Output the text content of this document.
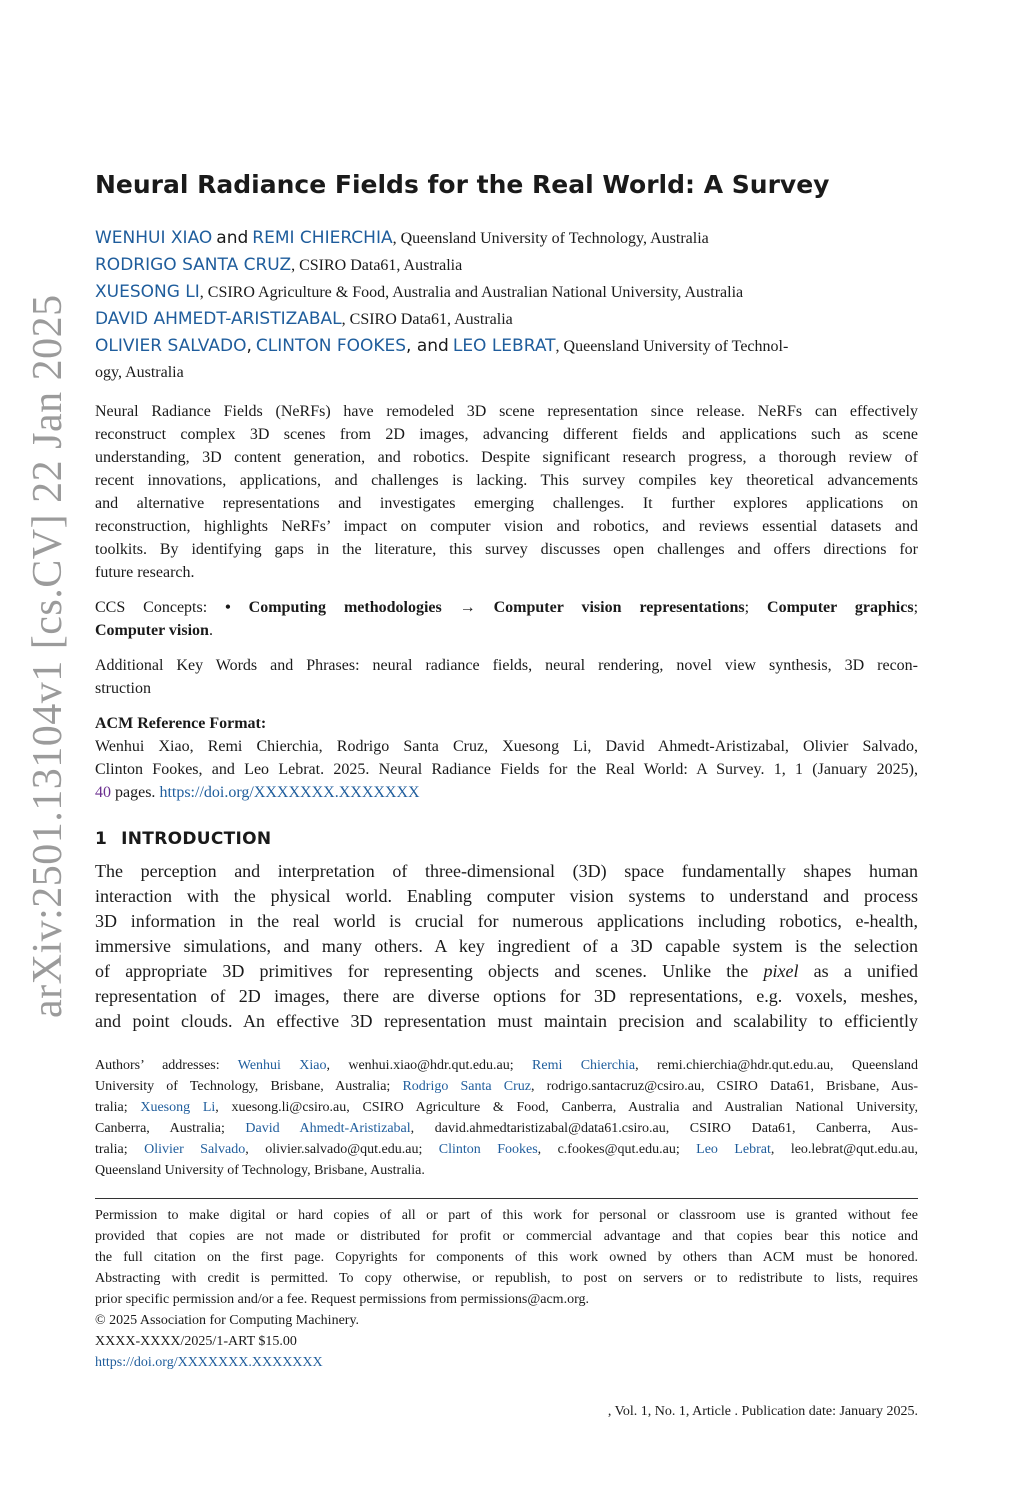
arXiv:2501.13104v1 [cs.CV] 22 Jan 2025
Neural Radiance Fields for the Real World: A Survey
WENHUI XIAO and REMI CHIERCHIA, Queensland University of Technology, Australia
RODRIGO SANTA CRUZ, CSIRO Data61, Australia
XUESONG LI, CSIRO Agriculture & Food, Australia and Australian National University, Australia
DAVID AHMEDT-ARISTIZABAL, CSIRO Data61, Australia
OLIVIER SALVADO, CLINTON FOOKES, and LEO LEBRAT, Queensland University of Technol-
ogy, Australia
Neural Radiance Fields (NeRFs) have remodeled 3D scene representation since release. NeRFs can effectively
reconstruct complex 3D scenes from 2D images, advancing different fields and applications such as scene
understanding, 3D content generation, and robotics. Despite significant research progress, a thorough review of
recent innovations, applications, and challenges is lacking. This survey compiles key theoretical advancements
and alternative representations and investigates emerging challenges. It further explores applications on
reconstruction, highlights NeRFs’ impact on computer vision and robotics, and reviews essential datasets and
toolkits. By identifying gaps in the literature, this survey discusses open challenges and offers directions for
future research.
CCS Concepts: • Computing methodologies → Computer vision representations; Computer graphics;
Computer vision.
Additional Key Words and Phrases: neural radiance fields, neural rendering, novel view synthesis, 3D recon-
struction
ACM Reference Format:
Wenhui Xiao, Remi Chierchia, Rodrigo Santa Cruz, Xuesong Li, David Ahmedt-Aristizabal, Olivier Salvado,
Clinton Fookes, and Leo Lebrat. 2025. Neural Radiance Fields for the Real World: A Survey. 1, 1 (January 2025),
40 pages. https://doi.org/XXXXXXX.XXXXXXX
1 INTRODUCTION
The perception and interpretation of three-dimensional (3D) space fundamentally shapes human
interaction with the physical world. Enabling computer vision systems to understand and process
3D information in the real world is crucial for numerous applications including robotics, e-health,
immersive simulations, and many others. A key ingredient of a 3D capable system is the selection
of appropriate 3D primitives for representing objects and scenes. Unlike the pixel as a unified
representation of 2D images, there are diverse options for 3D representations, e.g. voxels, meshes,
and point clouds. An effective 3D representation must maintain precision and scalability to efficiently
Authors’ addresses: Wenhui Xiao, wenhui.xiao@hdr.qut.edu.au; Remi Chierchia, remi.chierchia@hdr.qut.edu.au, Queensland
University of Technology, Brisbane, Australia; Rodrigo Santa Cruz, rodrigo.santacruz@csiro.au, CSIRO Data61, Brisbane, Aus-
tralia; Xuesong Li, xuesong.li@csiro.au, CSIRO Agriculture & Food, Canberra, Australia and Australian National University,
Canberra, Australia; David Ahmedt-Aristizabal, david.ahmedtaristizabal@data61.csiro.au, CSIRO Data61, Canberra, Aus-
tralia; Olivier Salvado, olivier.salvado@qut.edu.au; Clinton Fookes, c.fookes@qut.edu.au; Leo Lebrat, leo.lebrat@qut.edu.au,
Queensland University of Technology, Brisbane, Australia.
Permission to make digital or hard copies of all or part of this work for personal or classroom use is granted without fee
provided that copies are not made or distributed for profit or commercial advantage and that copies bear this notice and
the full citation on the first page. Copyrights for components of this work owned by others than ACM must be honored.
Abstracting with credit is permitted. To copy otherwise, or republish, to post on servers or to redistribute to lists, requires
prior specific permission and/or a fee. Request permissions from permissions@acm.org.
© 2025 Association for Computing Machinery.
XXXX-XXXX/2025/1-ART $15.00
https://doi.org/XXXXXXX.XXXXXXX
, Vol. 1, No. 1, Article . Publication date: January 2025.
